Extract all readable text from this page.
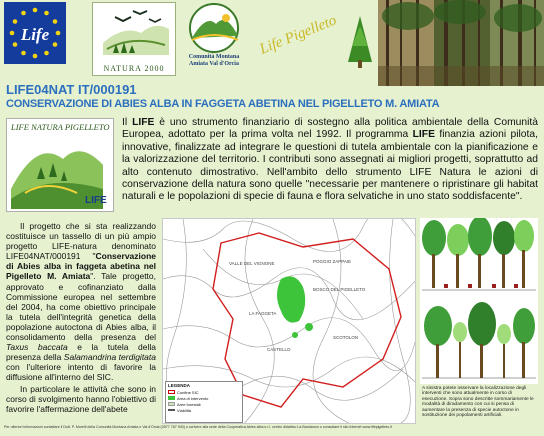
Life
NATURA 2000
Comunità Montana
Amiata Val d'Orcia
Life Pigelleto
LIFE04NAT IT/000191
CONSERVAZIONE DI ABIES ALBA IN FAGGETA ABETINA NEL PIGELLETO M. AMIATA
LIFE NATURA PIGELLETO
LIFE
Il LIFE è uno strumento finanziario di sostegno alla politica ambientale della Comunità Europea, adottato per la prima volta nel 1992. Il programma LIFE finanzia azioni pilota, innovative, finalizzate ad integrare le questioni di tutela ambientale con la pianificazione e la valorizzazione del territorio. I contributi sono assegnati ai migliori progetti, soprattutto ad alto contenuto dimostrativo. Nell'ambito dello strumento LIFE Natura le azioni di conservazione della natura sono quelle "necessarie per mantenere o ripristinare gli habitat naturali e le popolazioni di specie di fauna e flora selvatiche in uno stato soddisfacente".

Il progetto che si sta realizzando costituisce un tassello di un più ampio progetto LIFE-natura denominato LIFE04NAT/000191 "Conservazione di Abies alba in faggeta abetina nel Pigelleto M. Amiata". Tale progetto, approvato e cofinanziato dalla Commissione europea nel settembre del 2004, ha come obiettivo principale la tutela dell'integrità genetica della popolazione autoctona di Abies alba, il consolidamento della presenza del Taxus baccata e la tutela della presenza della Salamandrina terdigitata con l'ulteriore intento di favorire la diffusione all'interno del SIC.

In particolare le attività che sono in corso di svolgimento hanno l'obiettivo di favorire l'affermazione dell'abete

VALLE DEL VIGNONE	POGGIO ZAPPAIE
BOSCO DEL PIGELLETO
LA FAGGETA
CASTELLO
SCOTOLON
LEGENDA
Confine SIC
Area di intervento
Aree forestali
Viabilità
A sinistra potete osservare la localizzazione degli interventi che sono attualmente in corso di esecuzione. Sopra sono descritte sommariamente le modalità di diradamento con cui si pensa di aumentare la presenza di specie autoctone in sostituzione dei popolamenti artificiali.
Per ulteriori informazioni contattare il Dott. P. Morelli della Comunità Montana Amiata e Val d'Orcia (0577 787 940) o scrivere alla sede della Cooperativa Abies alba s.r.l. centro didattico La Bandanon o consultare il sito internet www.lifepigelleto.it
